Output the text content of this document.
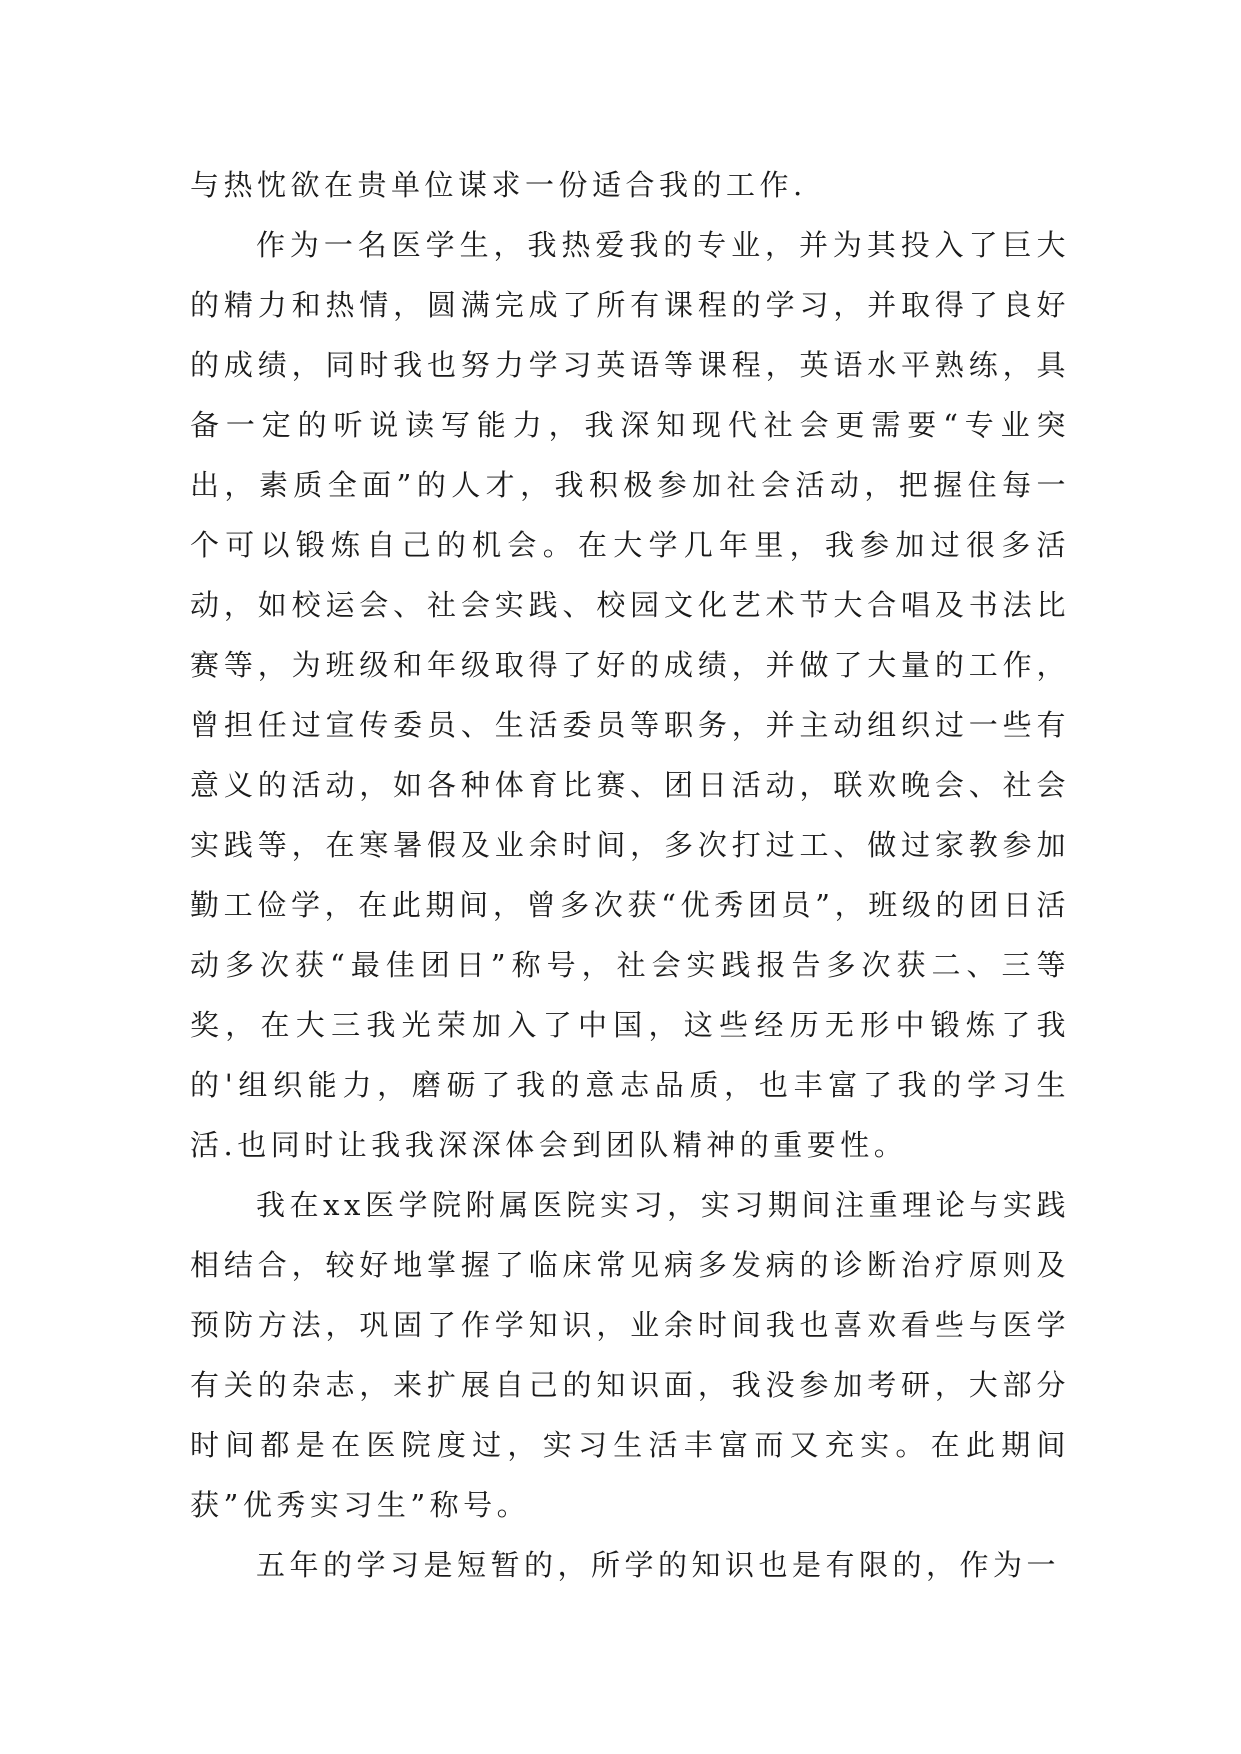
与热忱欲在贵单位谋求一份适合我的工作.

作为一名医学生，我热爱我的专业，并为其投入了巨大的精力和热情，圆满完成了所有课程的学习，并取得了良好的成绩，同时我也努力学习英语等课程，英语水平熟练，具备一定的听说读写能力，我深知现代社会更需要“专业突出，素质全面”的人才，我积极参加社会活动，把握住每一个可以锻炼自己的机会。在大学几年里，我参加过很多活动，如校运会、社会实践、校园文化艺术节大合唱及书法比赛等，为班级和年级取得了好的成绩，并做了大量的工作，曾担任过宣传委员、生活委员等职务，并主动组织过一些有意义的活动，如各种体育比赛、团日活动，联欢晚会、社会实践等，在寒暑假及业余时间，多次打过工、做过家教参加勤工俭学，在此期间，曾多次获“优秀团员”，班级的团日活动多次获“最佳团日”称号，社会实践报告多次获二、三等奖，在大三我光荣加入了中国，这些经历无形中锻炼了我的'组织能力，磨砺了我的意志品质，也丰富了我的学习生活.也同时让我我深深体会到团队精神的重要性。

我在xx医学院附属医院实习，实习期间注重理论与实践相结合，较好地掌握了临床常见病多发病的诊断治疗原则及预防方法，巩固了作学知识，业余时间我也喜欢看些与医学有关的杂志，来扩展自己的知识面，我没参加考研，大部分时间都是在医院度过，实习生活丰富而又充实。在此期间获”优秀实习生”称号。

五年的学习是短暂的，所学的知识也是有限的，作为一
